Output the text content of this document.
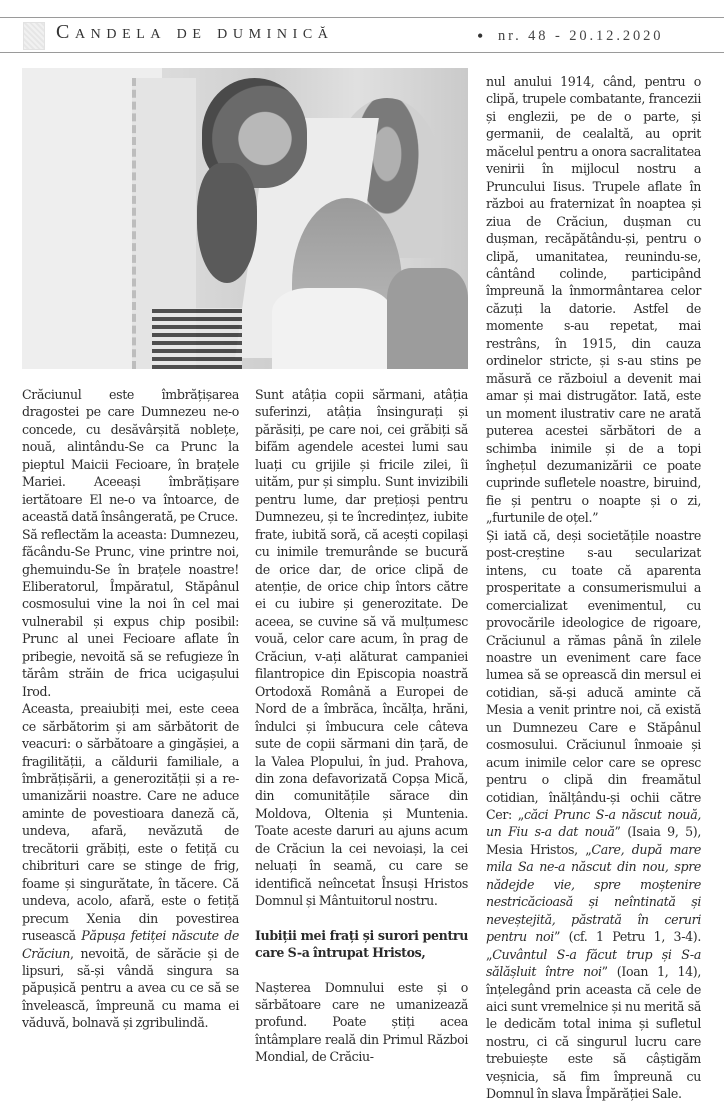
Candela de duminică	• nr. 48 - 20.12.2020

Crăciunul este îmbrățișarea dragostei pe care Dumnezeu ne-o concede, cu desăvârșită noblețe, nouă, alintându-Se ca Prunc la pieptul Maicii Fecioare, în brațele Mariei. Aceeași îmbrățișare iertătoare El ne-o va întoarce, de această dată însângerată, pe Cruce.

Să reflectăm la aceasta: Dumnezeu, făcându-Se Prunc, vine printre noi, ghemuindu-Se în brațele noastre! Eliberatorul, Împăratul, Stăpânul cosmosului vine la noi în cel mai vulnerabil și expus chip posibil: Prunc al unei Fecioare aflate în pribegie, nevoită să se refugieze în tărâm străin de frica ucigașului Irod.

Aceasta, preaiubiți mei, este ceea ce sărbătorim și am sărbătorit de veacuri: o sărbătoare a gingășiei, a fragilității, a căldurii familiale, a îmbrățișării, a generozității și a re-umanizării noastre. Care ne aduce aminte de povestioara daneză că, undeva, afară, nevăzută de trecătorii grăbiți, este o fetiță cu chibrituri care se stinge de frig, foame și singurătate, în tăcere. Că undeva, acolo, afară, este o fetiță precum Xenia din povestirea rusească Păpușa fetiței născute de Crăciun, nevoită, de sărăcie și de lipsuri, să-și vândă singura sa păpușică pentru a avea cu ce să se învelească, împreună cu mama ei văduvă, bolnavă și zgribulindă.

Sunt atâția copii sărmani, atâția suferinzi, atâția însingurați și părăsiți, pe care noi, cei grăbiți să bifăm agendele acestei lumi sau luați cu grijile și fricile zilei, îi uităm, pur și simplu. Sunt invizibili pentru lume, dar prețioși pentru Dumnezeu, și te încredințez, iubite frate, iubită soră, că acești copilași cu inimile tremurânde se bucură de orice dar, de orice clipă de atenție, de orice chip întors către ei cu iubire și generozitate. De aceea, se cuvine să vă mulțumesc vouă, celor care acum, în prag de Crăciun, v-ați alăturat campaniei filantropice din Episcopia noastră Ortodoxă Română a Europei de Nord de a îmbrăca, încălța, hrăni, îndulci și îmbucura cele câteva sute de copii sărmani din țară, de la Valea Plopului, în jud. Prahova, din zona defavorizată Copșa Mică, din comunitățile sărace din Moldova, Oltenia și Muntenia. Toate aceste daruri au ajuns acum de Crăciun la cei nevoiași, la cei neluați în seamă, cu care se identifică neîncetat Însuși Hristos Domnul și Mântuitorul nostru.

Iubiții mei frați și surori pentru care S-a întrupat Hristos,

Nașterea Domnului este și o sărbătoare care ne umanizează profund. Poate știți acea întâmplare reală din Primul Război Mondial, de Crăciu-

nul anului 1914, când, pentru o clipă, trupele combatante, francezii și englezii, pe de o parte, și germanii, de cealaltă, au oprit măcelul pentru a onora sacralitatea venirii în mijlocul nostru a Pruncului Iisus. Trupele aflate în război au fraternizat în noaptea și ziua de Crăciun, dușman cu dușman, recăpătându-și, pentru o clipă, umanitatea, reunindu-se, cântând colinde, participând împreună la înmormântarea celor căzuți la datorie. Astfel de momente s-au repetat, mai restrâns, în 1915, din cauza ordinelor stricte, și s-au stins pe măsură ce războiul a devenit mai amar și mai distrugător. Iată, este un moment ilustrativ care ne arată puterea acestei sărbători de a schimba inimile și de a topi înghețul dezumanizării ce poate cuprinde sufletele noastre, biruind, fie și pentru o noapte și o zi, „furtunile de oțel.”

Și iată că, deși societățile noastre post-creștine s-au secularizat intens, cu toate că aparenta prosperitate a consumerismului a comercializat evenimentul, cu provocările ideologice de rigoare, Crăciunul a rămas până în zilele noastre un eveniment care face lumea să se oprească din mersul ei cotidian, să-și aducă aminte că Mesia a venit printre noi, că există un Dumnezeu Care e Stăpânul cosmosului. Crăciunul înmoaie și acum inimile celor care se opresc pentru o clipă din freamătul cotidian, înălțându-și ochii către Cer: „căci Prunc S-a născut nouă, un Fiu s-a dat nouă” (Isaia 9, 5), Mesia Hristos, „Care, după mare mila Sa ne-a născut din nou, spre nădejde vie, spre moștenire nestricăcioasă și neîntinată și neveștejită, păstrată în ceruri pentru noi” (cf. 1 Petru 1, 3-4). „Cuvântul S-a făcut trup și S-a sălășluit între noi” (Ioan 1, 14), înțelegând prin aceasta că cele de aici sunt vremelnice și nu merită să le dedicăm total inima și sufletul nostru, ci că singurul lucru care trebuiește este să câștigăm veșnicia, să fim împreună cu Domnul în slava Împărăției Sale.
